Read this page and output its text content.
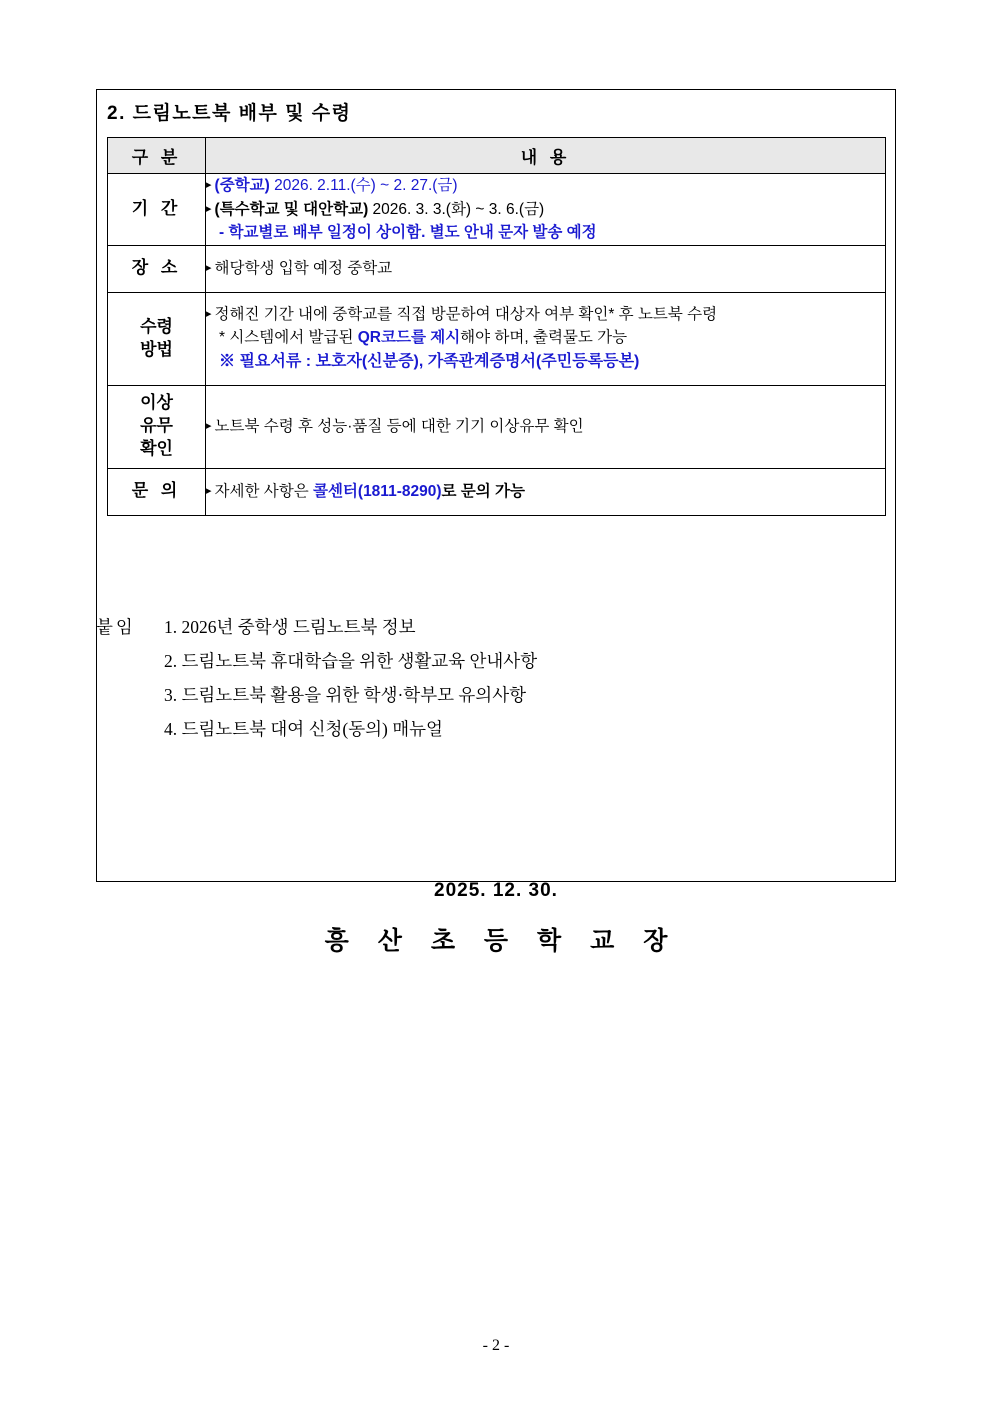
2. 드림노트북 배부 및 수령
구 분	내 용
기 간	▸ (중학교) 2026. 2.11.(수) ~ 2. 27.(금)
▸ (특수학교 및 대안학교) 2026. 3. 3.(화) ~ 3. 6.(금)
- 학교별로 배부 일정이 상이함. 별도 안내 문자 발송 예정

장 소	▸ 해당학생 입학 예정 중학교

수령
방법	▸ 정해진 기간 내에 중학교를 직접 방문하여 대상자 여부 확인* 후 노트북 수령
* 시스템에서 발급된 QR코드를 제시해야 하며, 출력물도 가능
※ 필요서류 : 보호자(신분증), 가족관계증명서(주민등록등본)

이상
유무
확인	▸ 노트북 수령 후 성능·품질 등에 대한 기기 이상유무 확인

문 의	▸ 자세한 사항은 콜센터(1811-8290)로 문의 가능
2025. 12. 30.
흥 산 초 등 학 교 장
붙임 1. 2026년 중학생 드림노트북 정보
2. 드림노트북 휴대학습을 위한 생활교육 안내사항
3. 드림노트북 활용을 위한 학생·학부모 유의사항
4. 드림노트북 대여 신청(동의) 매뉴얼
- 2 -
